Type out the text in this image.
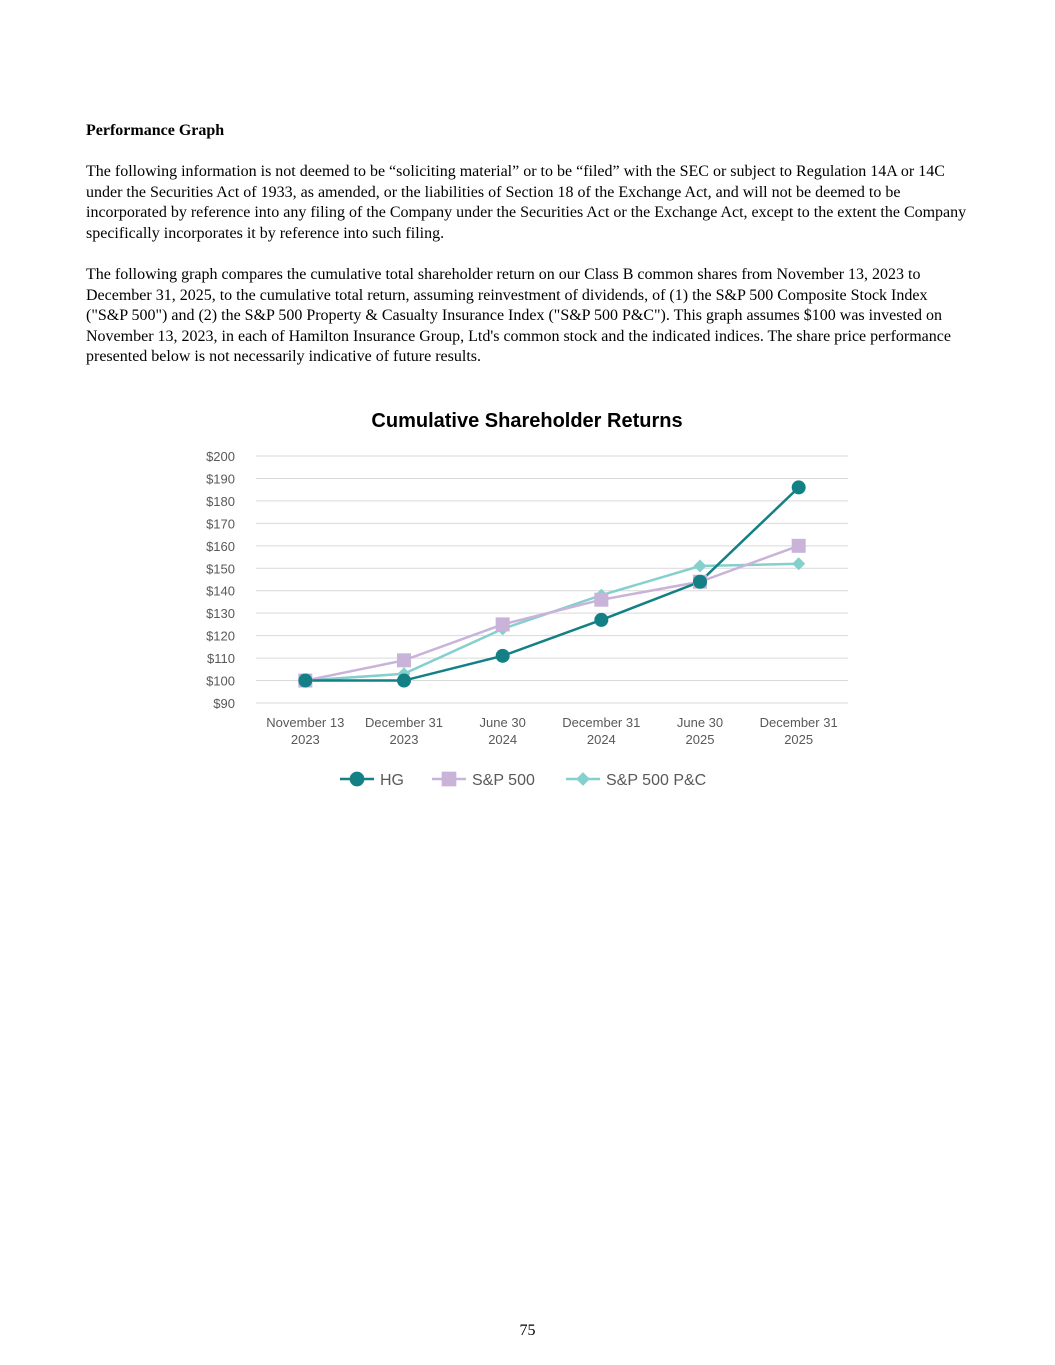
Performance Graph

The following information is not deemed to be “soliciting material” or to be “filed” with the SEC or subject to Regulation 14A or 14C under the Securities Act of 1933, as amended, or the liabilities of Section 18 of the Exchange Act, and will not be deemed to be incorporated by reference into any filing of the Company under the Securities Act or the Exchange Act, except to the extent the Company specifically incorporates it by reference into such filing.

The following graph compares the cumulative total shareholder return on our Class B common shares from November 13, 2023 to December 31, 2025, to the cumulative total return, assuming reinvestment of dividends, of (1) the S&P 500 Composite Stock Index ("S&P 500") and (2) the S&P 500 Property & Casualty Insurance Index ("S&P 500 P&C"). This graph assumes $100 was invested on November 13, 2023, in each of Hamilton Insurance Group, Ltd's common stock and the indicated indices. The share price performance presented below is not necessarily indicative of future results.

Cumulative Shareholder Returns
$90
$100
$110
$120
$130
$140
$150
$160
$170
$180
$190
$200
November 13
2023
December 31
2023
June 30
2024
December 31
2024
June 30
2025
December 31
2025
HG	S&P 500	S&P 500 P&C
75
